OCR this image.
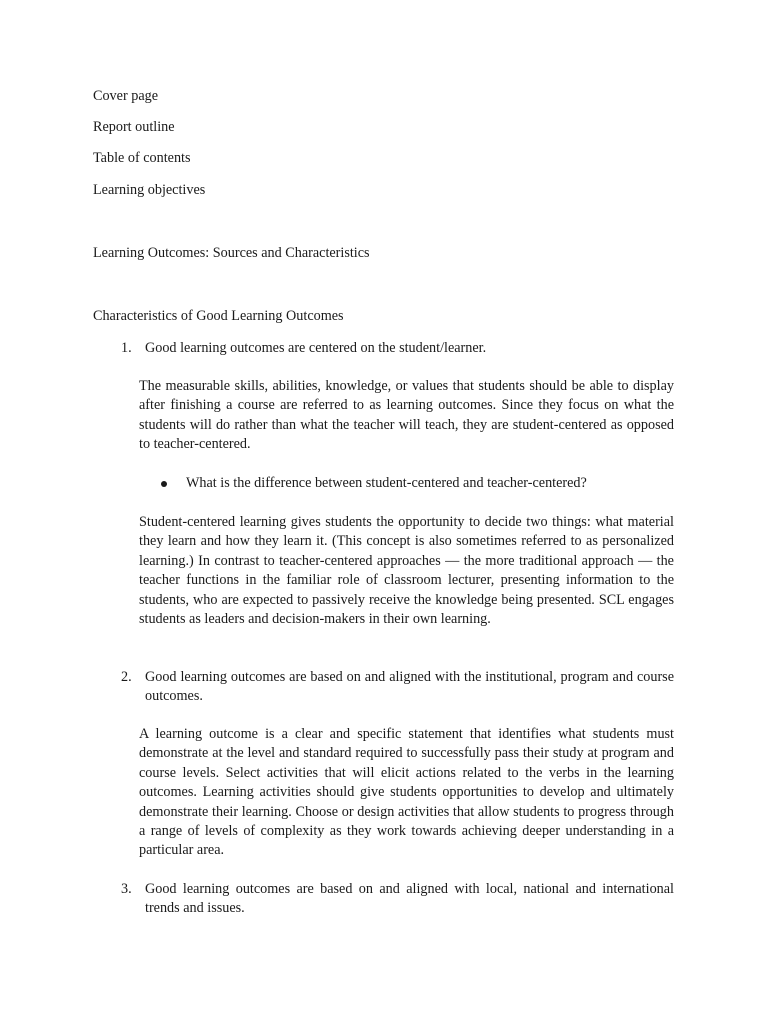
Cover page
Report outline
Table of contents
Learning objectives
Learning Outcomes: Sources and Characteristics
Characteristics of Good Learning Outcomes
1. Good learning outcomes are centered on the student/learner.
The measurable skills, abilities, knowledge, or values that students should be able to display after finishing a course are referred to as learning outcomes. Since they focus on what the students will do rather than what the teacher will teach, they are student-centered as opposed to teacher-centered.
What is the difference between student-centered and teacher-centered?
Student-centered learning gives students the opportunity to decide two things: what material they learn and how they learn it. (This concept is also sometimes referred to as personalized learning.) In contrast to teacher-centered approaches — the more traditional approach — the teacher functions in the familiar role of classroom lecturer, presenting information to the students, who are expected to passively receive the knowledge being presented. SCL engages students as leaders and decision-makers in their own learning.
2. Good learning outcomes are based on and aligned with the institutional, program and course outcomes.
A learning outcome is a clear and specific statement that identifies what students must demonstrate at the level and standard required to successfully pass their study at program and course levels. Select activities that will elicit actions related to the verbs in the learning outcomes. Learning activities should give students opportunities to develop and ultimately demonstrate their learning. Choose or design activities that allow students to progress through a range of levels of complexity as they work towards achieving deeper understanding in a particular area.
3. Good learning outcomes are based on and aligned with local, national and international trends and issues.
